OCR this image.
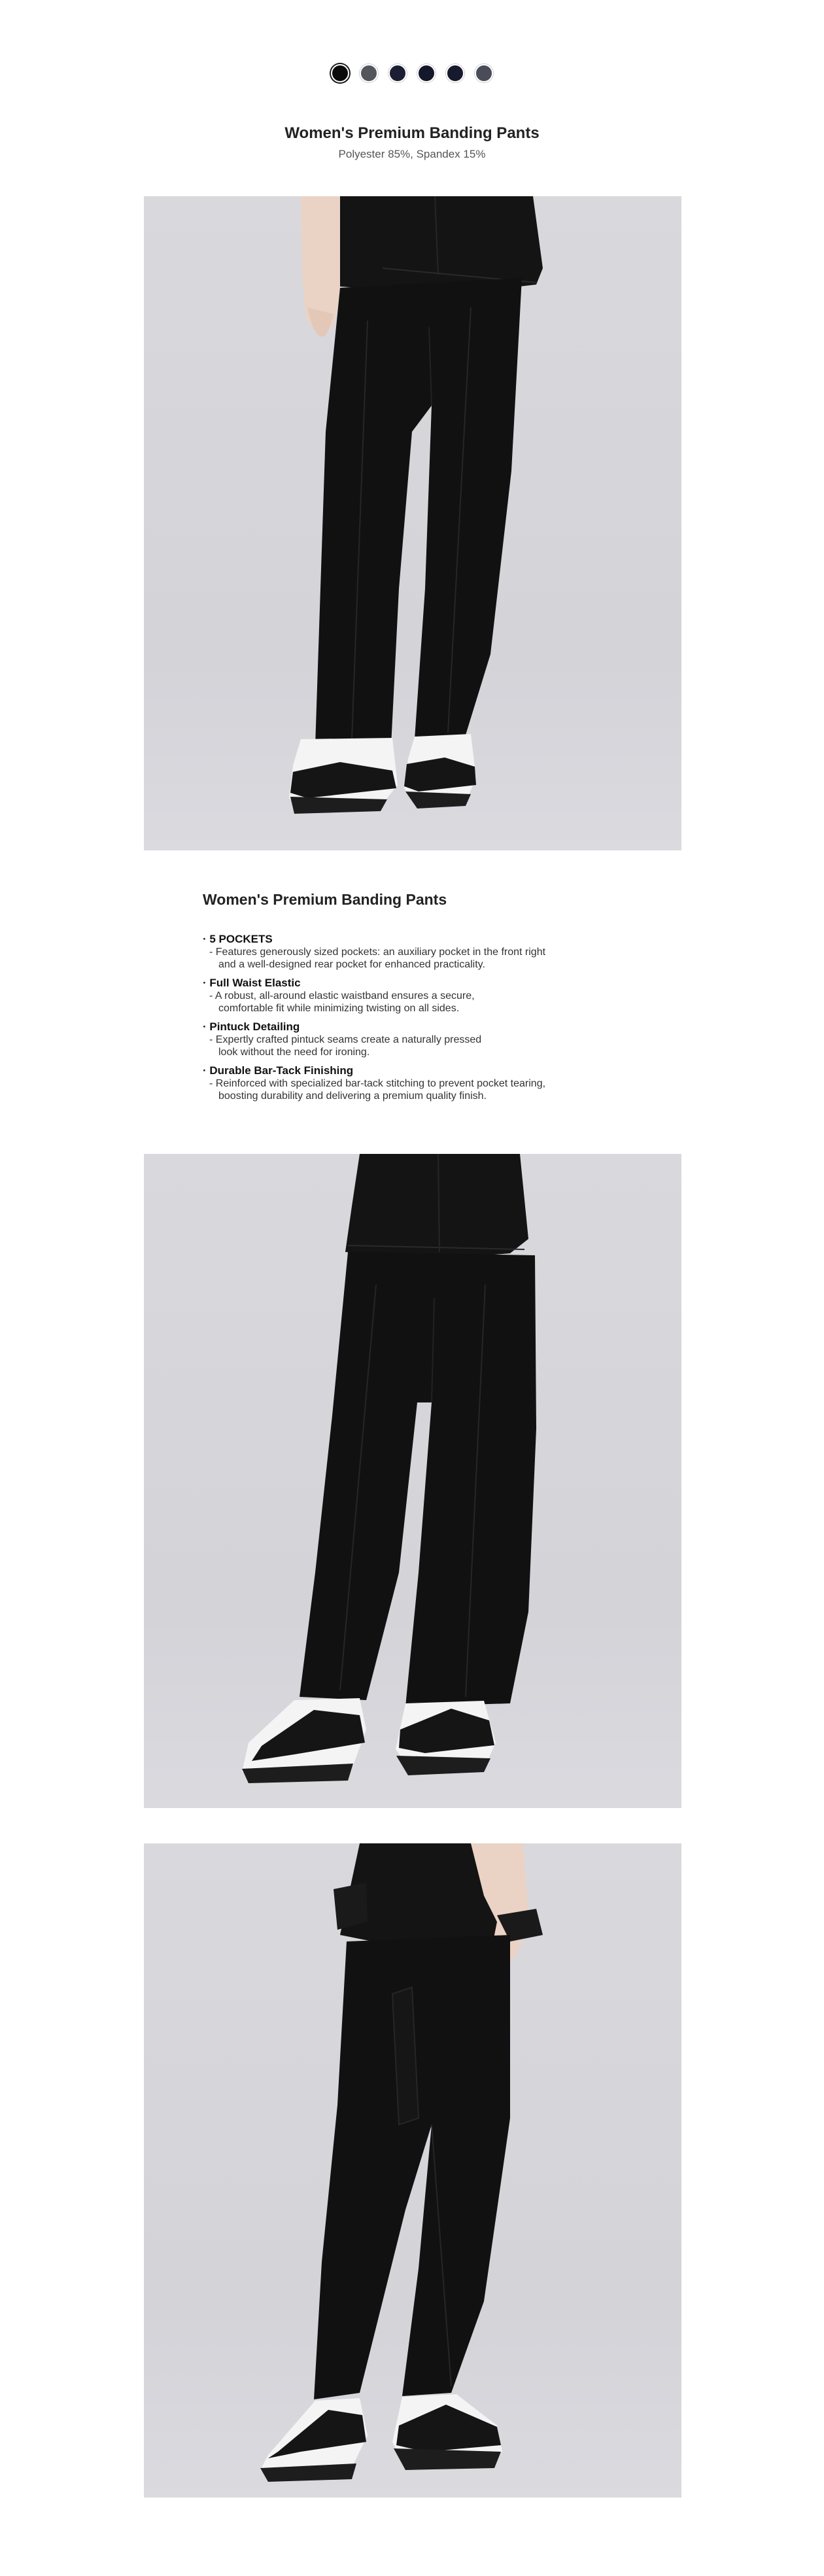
Women's Premium Banding Pants
Polyester 85%, Spandex 15%
Women's Premium Banding Pants
· 5 POCKETS
- Features generously sized pockets: an auxiliary pocket in the front right
and a well-designed rear pocket for enhanced practicality.
· Full Waist Elastic
- A robust, all-around elastic waistband ensures a secure,
comfortable fit while minimizing twisting on all sides.
· Pintuck Detailing
- Expertly crafted pintuck seams create a naturally pressed
look without the need for ironing.
· Durable Bar-Tack Finishing
- Reinforced with specialized bar-tack stitching to prevent pocket tearing,
boosting durability and delivering a premium quality finish.
